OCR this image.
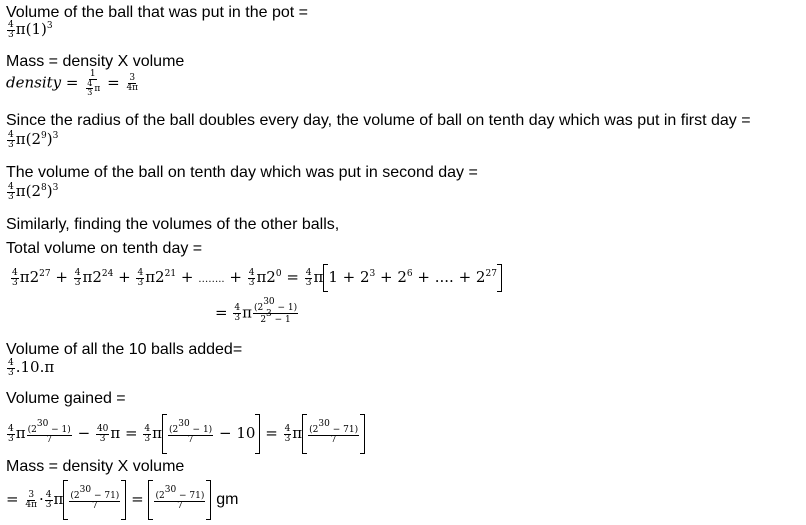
Volume of the ball that was put in the pot =
$\frac{4}{3} \pi(1)^3$
Mass = density X volume
density = $\frac{1}{\frac{4}{3} \pi} = \frac{3}{4\pi}$
Since the radius of the ball doubles every day, the volume of ball on tenth day which was put in first day =
$\frac{4}{3} \pi(2^9)^3$
The volume of the ball on tenth day which was put in second day =
$\frac{4}{3} \pi(2^8)^3$
Similarly, finding the volumes of the other balls,
Total volume on tenth day =
$\frac{4}{3} \pi 2^{27} + \frac{4}{3} \pi 2^{24} + \frac{4}{3} \pi 2^{21}$ + …….. + $\frac{4}{3} \pi 2^0 = \frac{4}{3}$ π $1 + 2^3 + 2^6$ + .... + $2^{27}$
= $\frac{4}{3}$ π $\frac{(2^{30} - 1)}{2^3 - 1}$
Volume of all the 10 balls added=
$\frac{4}{3} .10.\pi$
Volume gained =
$\frac{4}{3}$ π $\frac{(2^{30} - 1)}{7} - \frac{40}{3}$ $\pi = \frac{4}{3}$ π $\frac{(2^{30} - 1)}{7} - 10 = \frac{4}{3}$ π $\frac{(2^{30} - 71)}{7}$
Mass = density X volume
= $\frac{3}{4\pi} \cdot \frac{4}{3}$ π $\frac{(2^{30} - 71)}{7} = \frac{(2^{30} - 71)}{7}$ gm
